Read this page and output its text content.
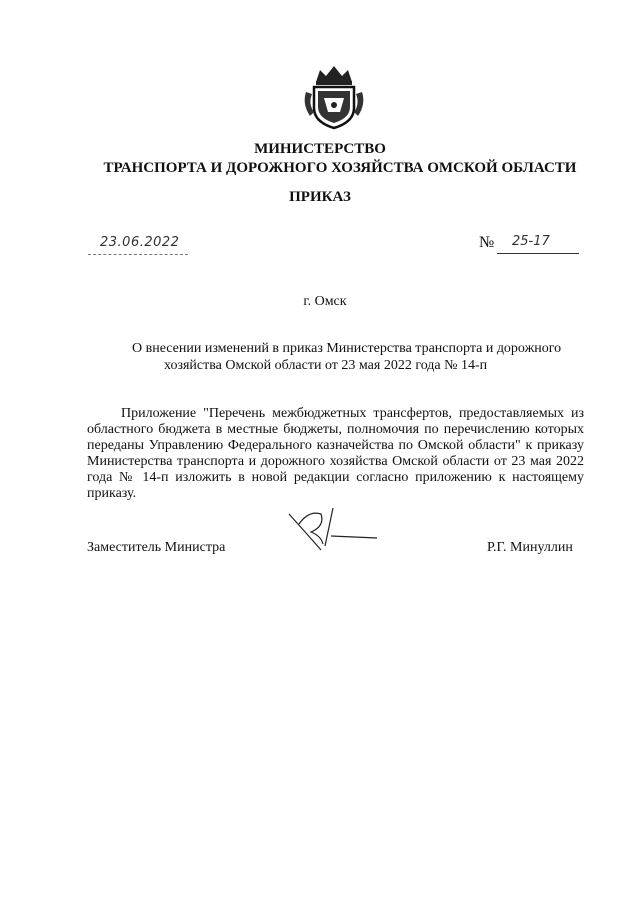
МИНИСТЕРСТВО
ТРАНСПОРТА И ДОРОЖНОГО ХОЗЯЙСТВА ОМСКОЙ ОБЛАСТИ
ПРИКАЗ
23.06.2022	№ 25-17
г. Омск
О внесении изменений в приказ Министерства транспорта и дорожного
хозяйства Омской области от 23 мая 2022 года № 14-п
Приложение "Перечень межбюджетных трансфертов, предоставляемых из областного бюджета в местные бюджеты, полномочия по перечислению которых переданы Управлению Федерального казначейства по Омской области" к приказу Министерства транспорта и дорожного хозяйства Омской области от 23 мая 2022 года № 14-п изложить в новой редакции согласно приложению к настоящему приказу.
Заместитель Министра	Р.Г. Минуллин
